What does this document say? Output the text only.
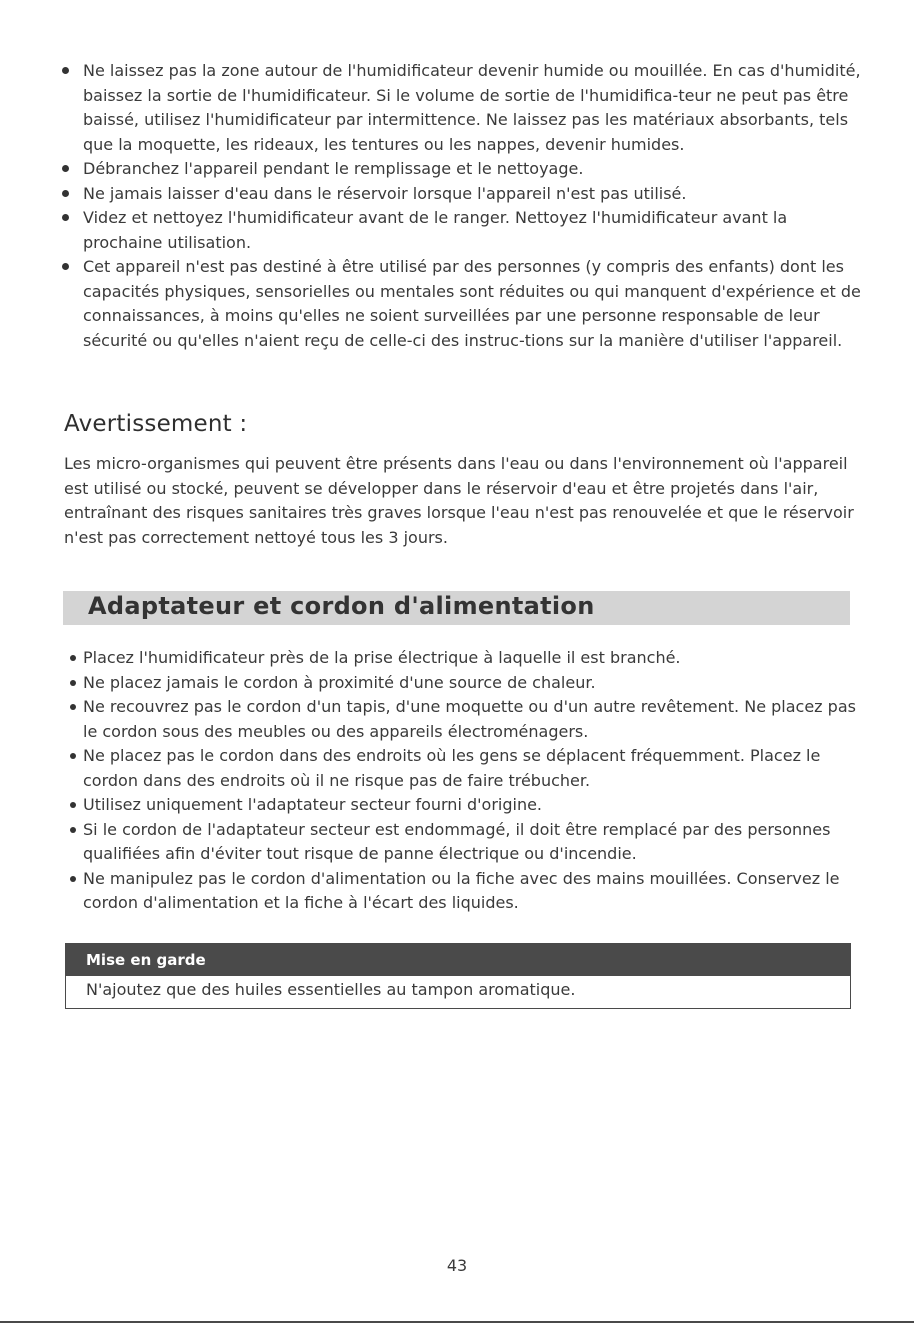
Ne laissez pas la zone autour de l'humidificateur devenir humide ou mouillée. En cas d'humidité, baissez la sortie de l'humidificateur. Si le volume de sortie de l'humidifica-teur ne peut pas être baissé, utilisez l'humidificateur par intermittence. Ne laissez pas les matériaux absorbants, tels que la moquette, les rideaux, les tentures ou les nappes, devenir humides.
Débranchez l'appareil pendant le remplissage et le nettoyage.
Ne jamais laisser d'eau dans le réservoir lorsque l'appareil n'est pas utilisé.
Videz et nettoyez l'humidificateur avant de le ranger. Nettoyez l'humidificateur avant la prochaine utilisation.
Cet appareil n'est pas destiné à être utilisé par des personnes (y compris des enfants) dont les capacités physiques, sensorielles ou mentales sont réduites ou qui manquent d'expérience et de connaissances, à moins qu'elles ne soient surveillées par une personne responsable de leur sécurité ou qu'elles n'aient reçu de celle-ci des instruc-tions sur la manière d'utiliser l'appareil.
Avertissement :

Les micro-organismes qui peuvent être présents dans l'eau ou dans l'environnement où l'appareil est utilisé ou stocké, peuvent se développer dans le réservoir d'eau et être projetés dans l'air, entraînant des risques sanitaires très graves lorsque l'eau n'est pas renouvelée et que le réservoir n'est pas correctement nettoyé tous les 3 jours.

Adaptateur et cordon d'alimentation
Placez l'humidificateur près de la prise électrique à laquelle il est branché.
Ne placez jamais le cordon à proximité d'une source de chaleur.
Ne recouvrez pas le cordon d'un tapis, d'une moquette ou d'un autre revêtement. Ne placez pas le cordon sous des meubles ou des appareils électroménagers.
Ne placez pas le cordon dans des endroits où les gens se déplacent fréquemment. Placez le cordon dans des endroits où il ne risque pas de faire trébucher.
Utilisez uniquement l'adaptateur secteur fourni d'origine.
Si le cordon de l'adaptateur secteur est endommagé, il doit être remplacé par des personnes qualifiées afin d'éviter tout risque de panne électrique ou d'incendie.
Ne manipulez pas le cordon d'alimentation ou la fiche avec des mains mouillées. Conservez le cordon d'alimentation et la fiche à l'écart des liquides.
Mise en garde
N'ajoutez que des huiles essentielles au tampon aromatique.
43
